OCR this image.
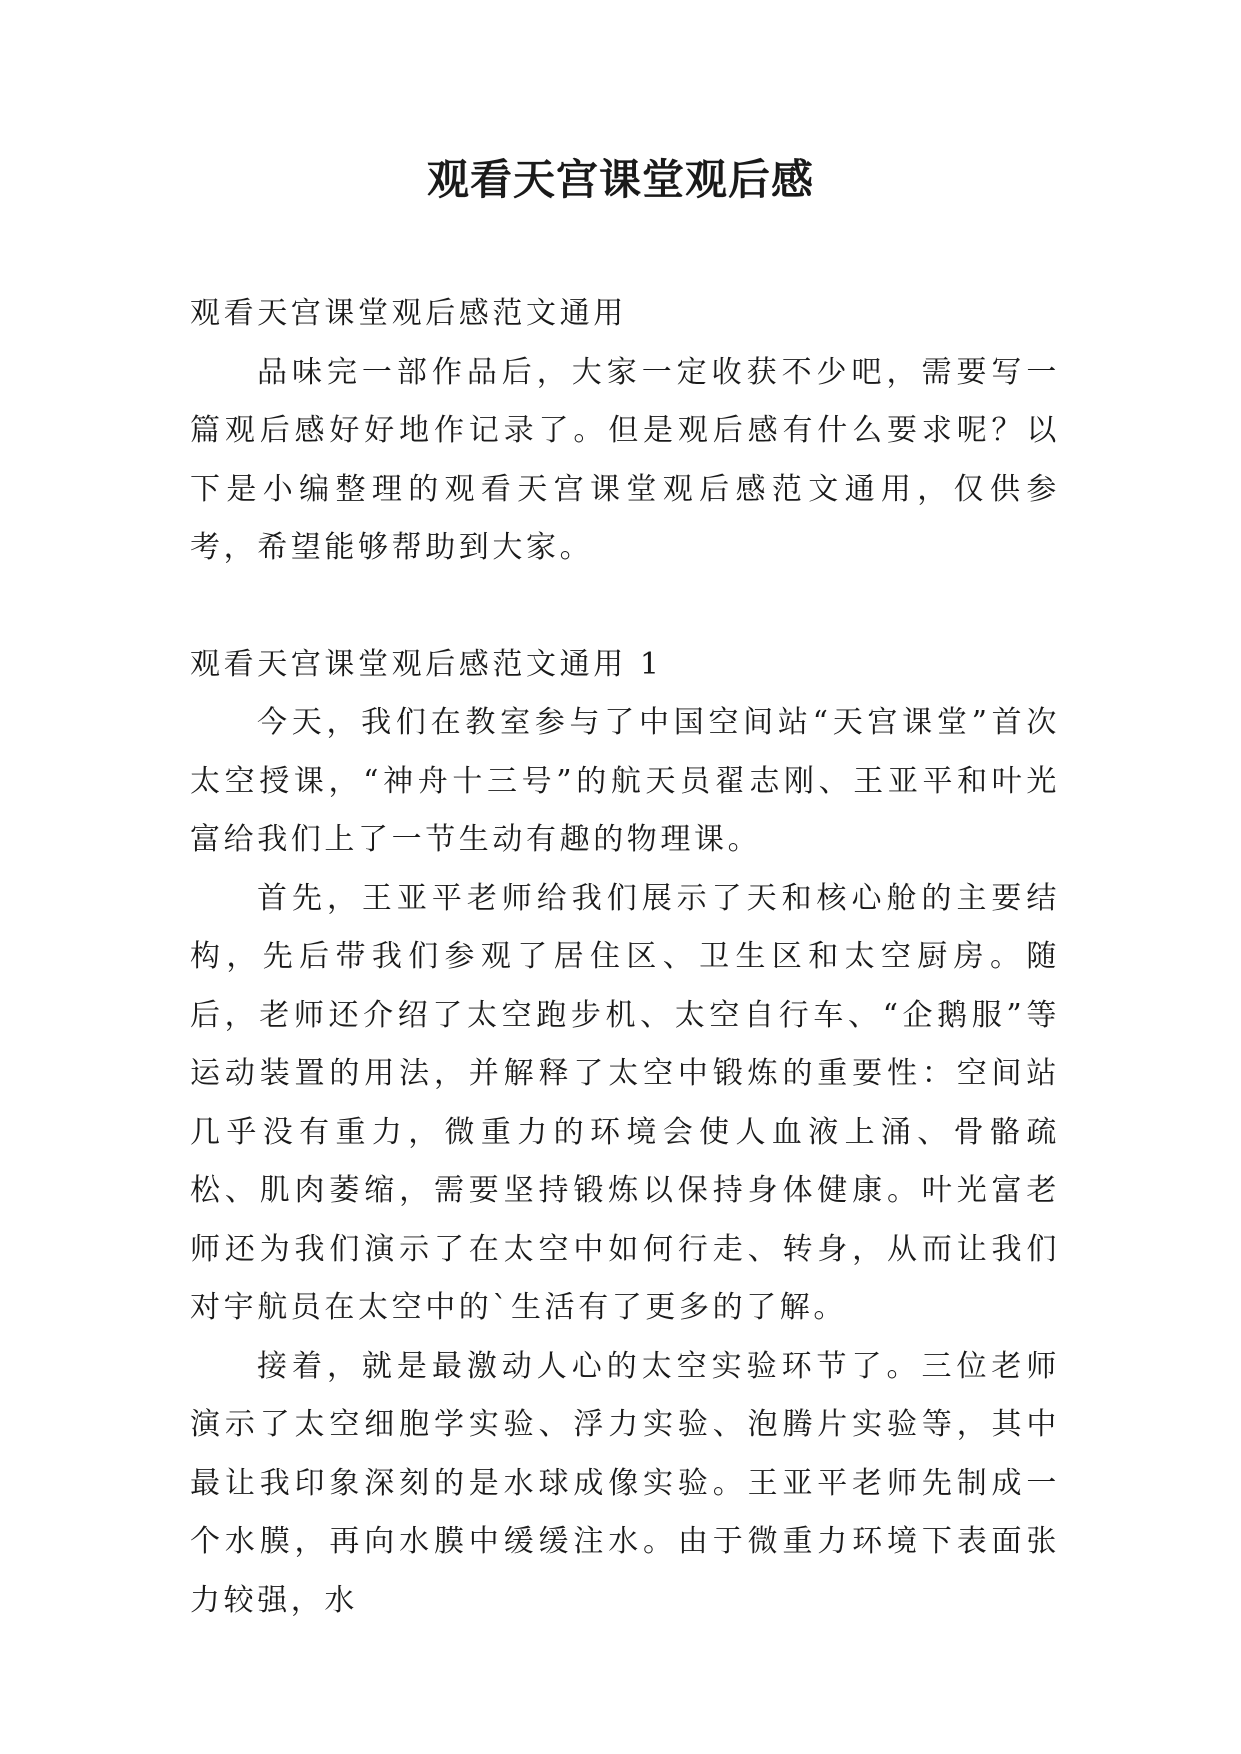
观看天宫课堂观后感

观看天宫课堂观后感范文通用

品味完一部作品后，大家一定收获不少吧，需要写一篇观后感好好地作记录了。但是观后感有什么要求呢？以下是小编整理的观看天宫课堂观后感范文通用，仅供参考，希望能够帮助到大家。

观看天宫课堂观后感范文通用 1

今天，我们在教室参与了中国空间站“天宫课堂”首次太空授课，“神舟十三号”的航天员翟志刚、王亚平和叶光富给我们上了一节生动有趣的物理课。

首先，王亚平老师给我们展示了天和核心舱的主要结构，先后带我们参观了居住区、卫生区和太空厨房。随后，老师还介绍了太空跑步机、太空自行车、“企鹅服”等运动装置的用法，并解释了太空中锻炼的重要性：空间站几乎没有重力，微重力的环境会使人血液上涌、骨骼疏松、肌肉萎缩，需要坚持锻炼以保持身体健康。叶光富老师还为我们演示了在太空中如何行走、转身，从而让我们对宇航员在太空中的`生活有了更多的了解。

接着，就是最激动人心的太空实验环节了。三位老师演示了太空细胞学实验、浮力实验、泡腾片实验等，其中最让我印象深刻的是水球成像实验。王亚平老师先制成一个水膜，再向水膜中缓缓注水。由于微重力环境下表面张力较强，水
